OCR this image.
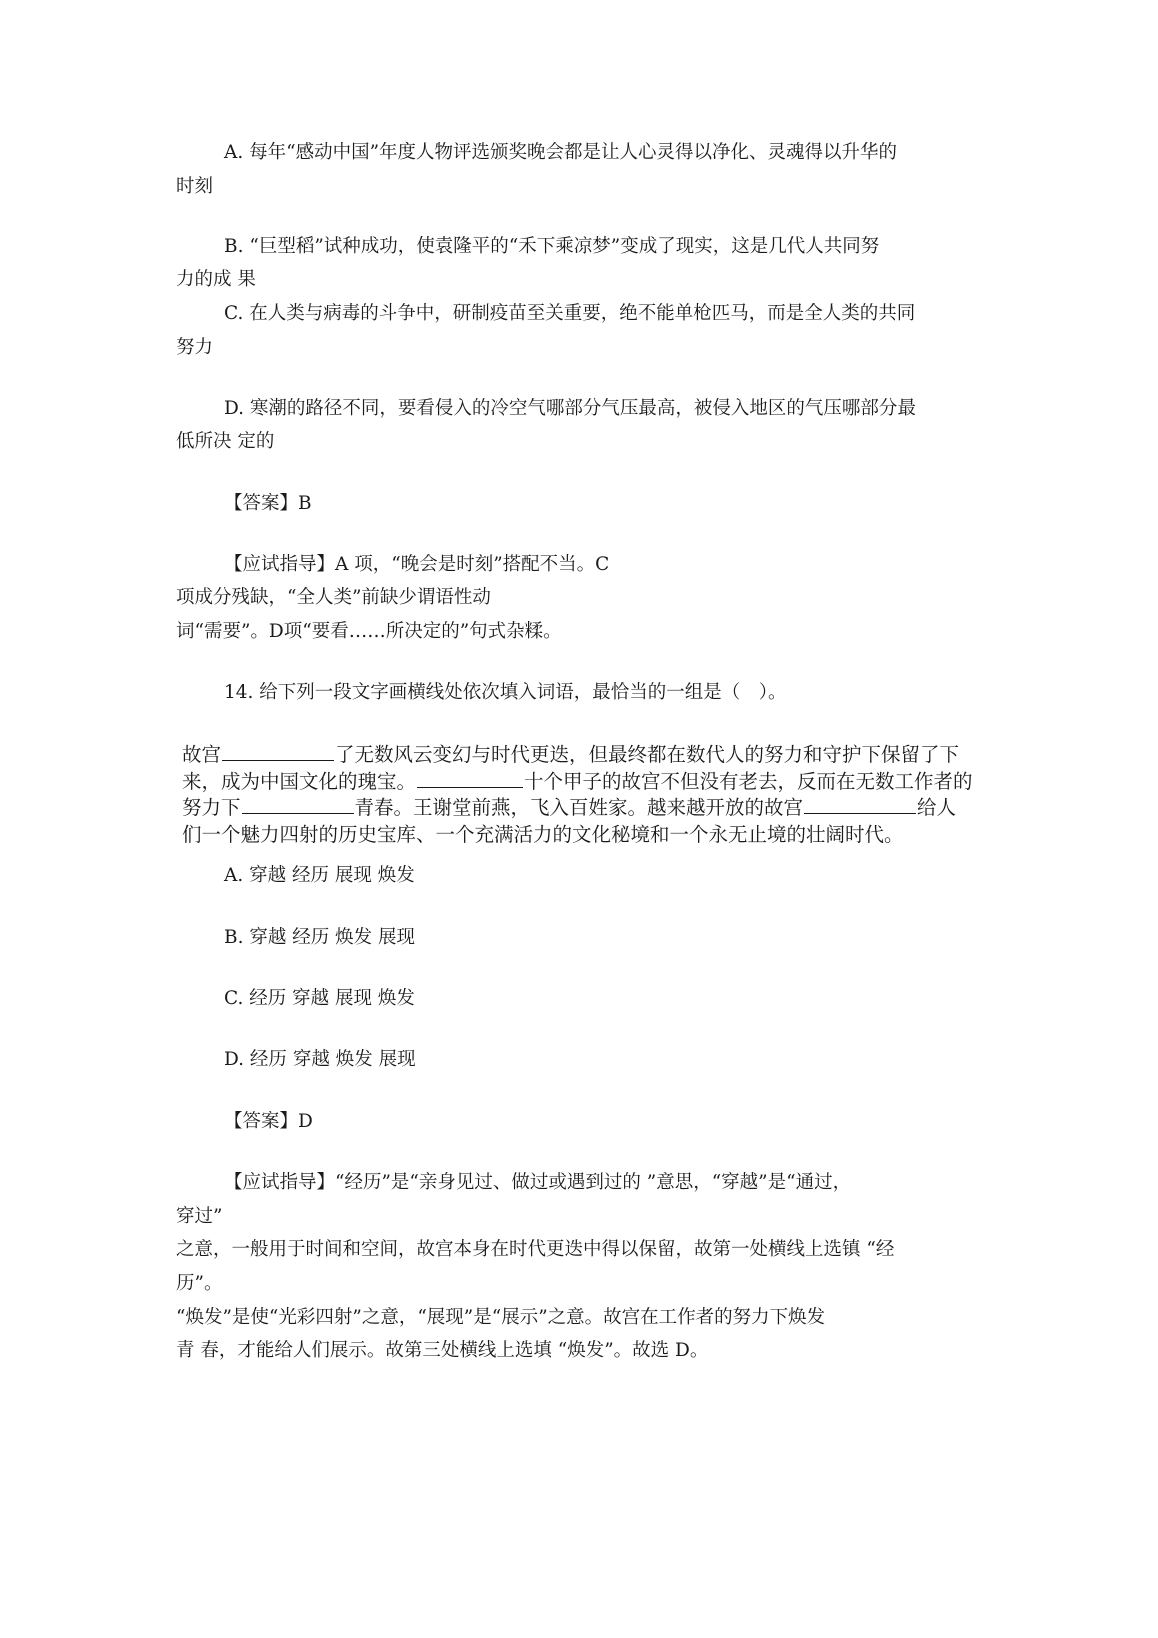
A. 每年“感动中国”年度人物评选颁奖晚会都是让人心灵得以净化、灵魂得以升华的
时刻
B. “巨型稻”试种成功，使袁隆平的“禾下乘凉梦”变成了现实，这是几代人共同努
力的成 果
C. 在人类与病毒的斗争中，研制疫苗至关重要，绝不能单枪匹马，而是全人类的共同
努力
D. 寒潮的路径不同，要看侵入的冷空气哪部分气压最高，被侵入地区的气压哪部分最
低所决 定的
【答案】B
【应试指导】A 项，“晚会是时刻”搭配不当。C
项成分残缺，“全人类”前缺少谓语性动
词“需要”。D项“要看……所决定的”句式杂糅。
14. 给下列一段文字画横线处依次填入词语，最恰当的一组是（　）。
故宫	了无数风云变幻与时代更迭，但最终都在数代人的努力和守护下保留了下
来，成为中国文化的瑰宝。	十个甲子的故宫不但没有老去，反而在无数工作者的
努力下	青春。王谢堂前燕，飞入百姓家。越来越开放的故宫	给人
们一个魅力四射的历史宝库、一个充满活力的文化秘境和一个永无止境的壮阔时代。
A. 穿越 经历 展现 焕发
B. 穿越 经历 焕发 展现
C. 经历 穿越 展现 焕发
D. 经历 穿越 焕发 展现
【答案】D
【应试指导】“经历”是“亲身见过、做过或遇到过的 ”意思，“穿越”是“通过，
穿过”
之意，一般用于时间和空间，故宫本身在时代更迭中得以保留，故第一处横线上选镇 “经
历”。
“焕发”是使“光彩四射”之意，“展现”是“展示”之意。故宫在工作者的努力下焕发
青 春，才能给人们展示。故第三处横线上选填 “焕发”。故选 D。
